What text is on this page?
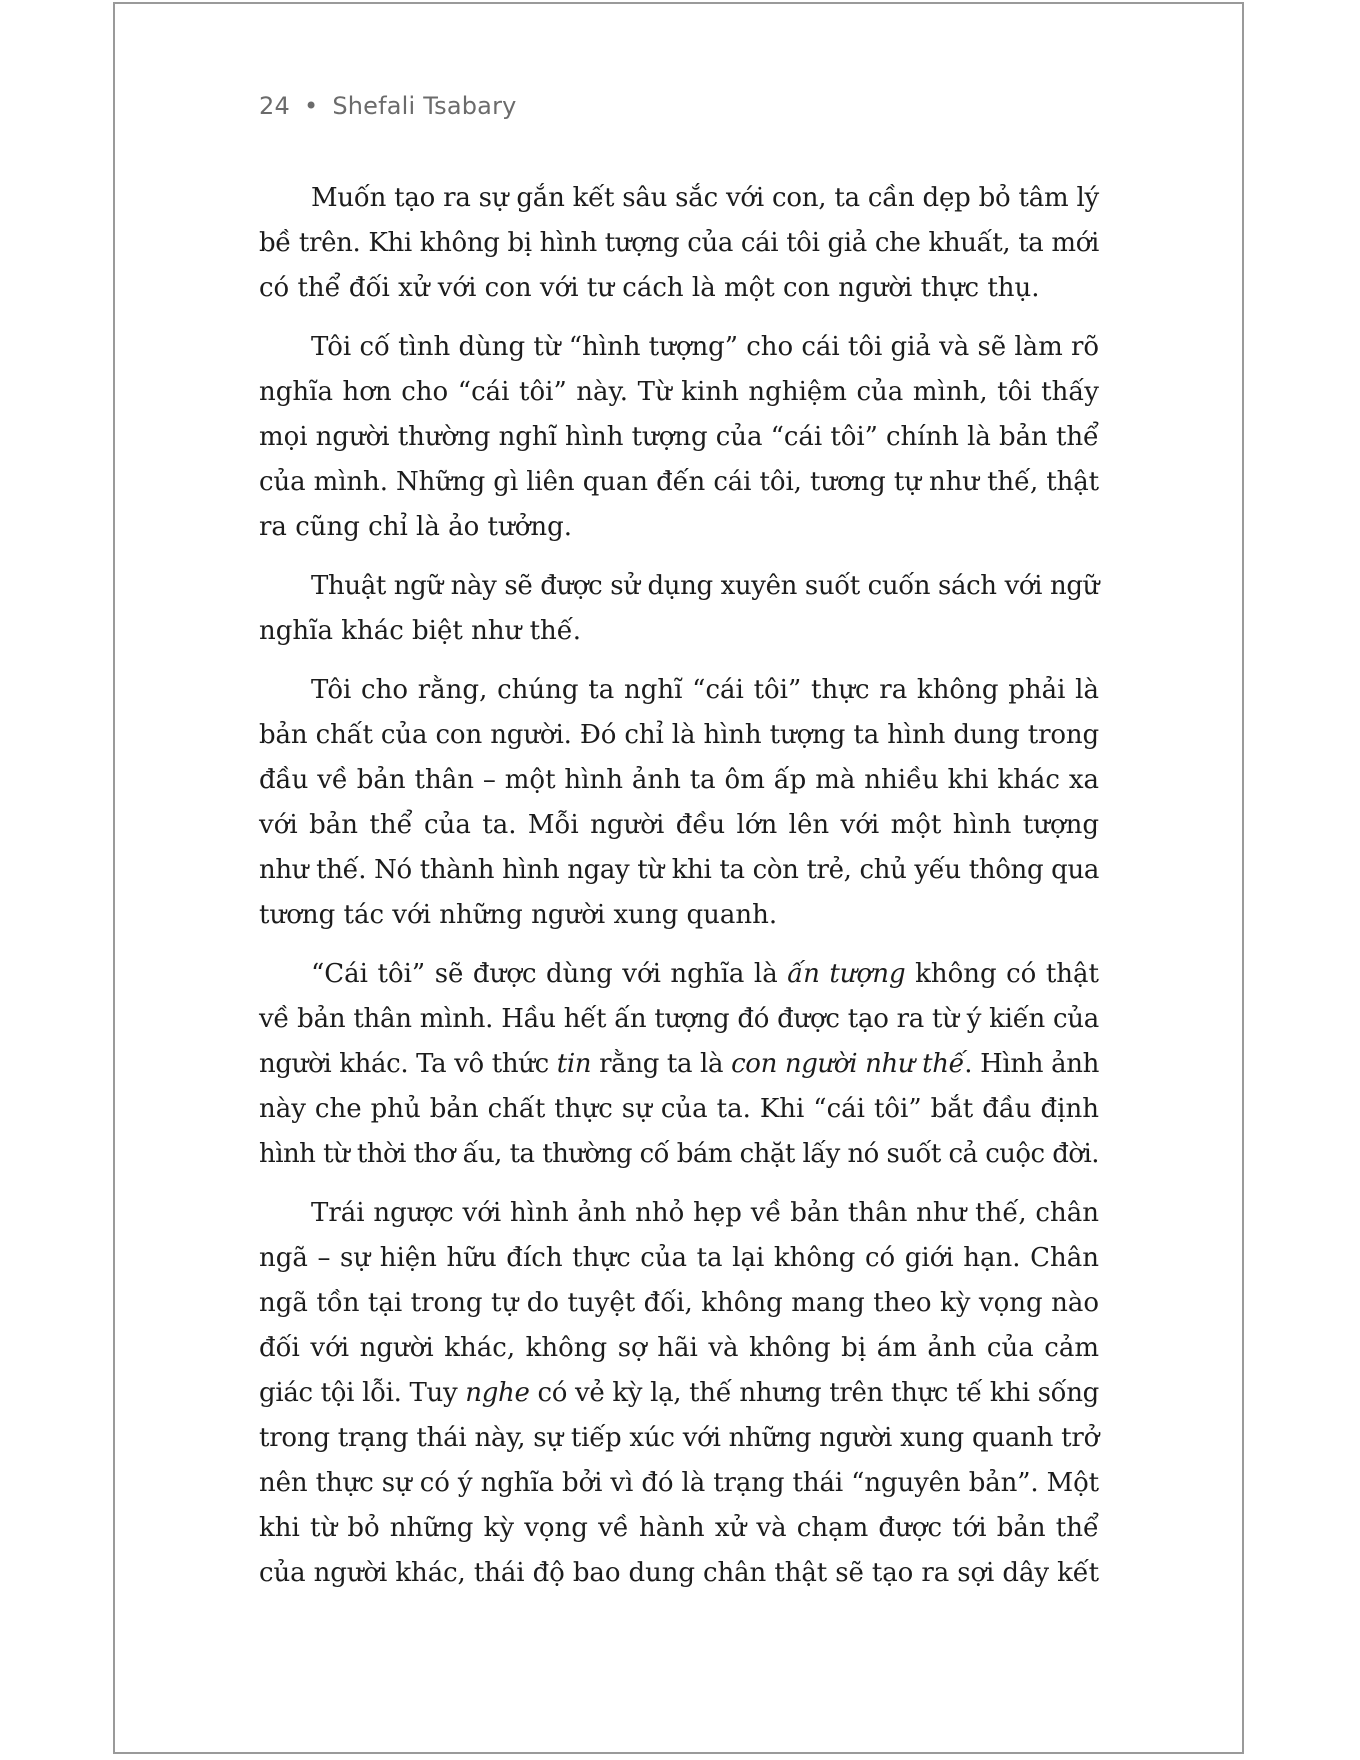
24 • Shefali Tsabary
Muốn tạo ra sự gắn kết sâu sắc với con, ta cần dẹp bỏ tâm lý
bề trên. Khi không bị hình tượng của cái tôi giả che khuất, ta mới
có thể đối xử với con với tư cách là một con người thực thụ.
Tôi cố tình dùng từ “hình tượng” cho cái tôi giả và sẽ làm rõ
nghĩa hơn cho “cái tôi” này. Từ kinh nghiệm của mình, tôi thấy
mọi người thường nghĩ hình tượng của “cái tôi” chính là bản thể
của mình. Những gì liên quan đến cái tôi, tương tự như thế, thật
ra cũng chỉ là ảo tưởng.
Thuật ngữ này sẽ được sử dụng xuyên suốt cuốn sách với ngữ
nghĩa khác biệt như thế.
Tôi cho rằng, chúng ta nghĩ “cái tôi” thực ra không phải là
bản chất của con người. Đó chỉ là hình tượng ta hình dung trong
đầu về bản thân – một hình ảnh ta ôm ấp mà nhiều khi khác xa
với bản thể của ta. Mỗi người đều lớn lên với một hình tượng
như thế. Nó thành hình ngay từ khi ta còn trẻ, chủ yếu thông qua
tương tác với những người xung quanh.
“Cái tôi” sẽ được dùng với nghĩa là ấn tượng không có thật
về bản thân mình. Hầu hết ấn tượng đó được tạo ra từ ý kiến của
người khác. Ta vô thức tin rằng ta là con người như thế. Hình ảnh
này che phủ bản chất thực sự của ta. Khi “cái tôi” bắt đầu định
hình từ thời thơ ấu, ta thường cố bám chặt lấy nó suốt cả cuộc đời.
Trái ngược với hình ảnh nhỏ hẹp về bản thân như thế, chân
ngã – sự hiện hữu đích thực của ta lại không có giới hạn. Chân
ngã tồn tại trong tự do tuyệt đối, không mang theo kỳ vọng nào
đối với người khác, không sợ hãi và không bị ám ảnh của cảm
giác tội lỗi. Tuy nghe có vẻ kỳ lạ, thế nhưng trên thực tế khi sống
trong trạng thái này, sự tiếp xúc với những người xung quanh trở
nên thực sự có ý nghĩa bởi vì đó là trạng thái “nguyên bản”. Một
khi từ bỏ những kỳ vọng về hành xử và chạm được tới bản thể
của người khác, thái độ bao dung chân thật sẽ tạo ra sợi dây kết
